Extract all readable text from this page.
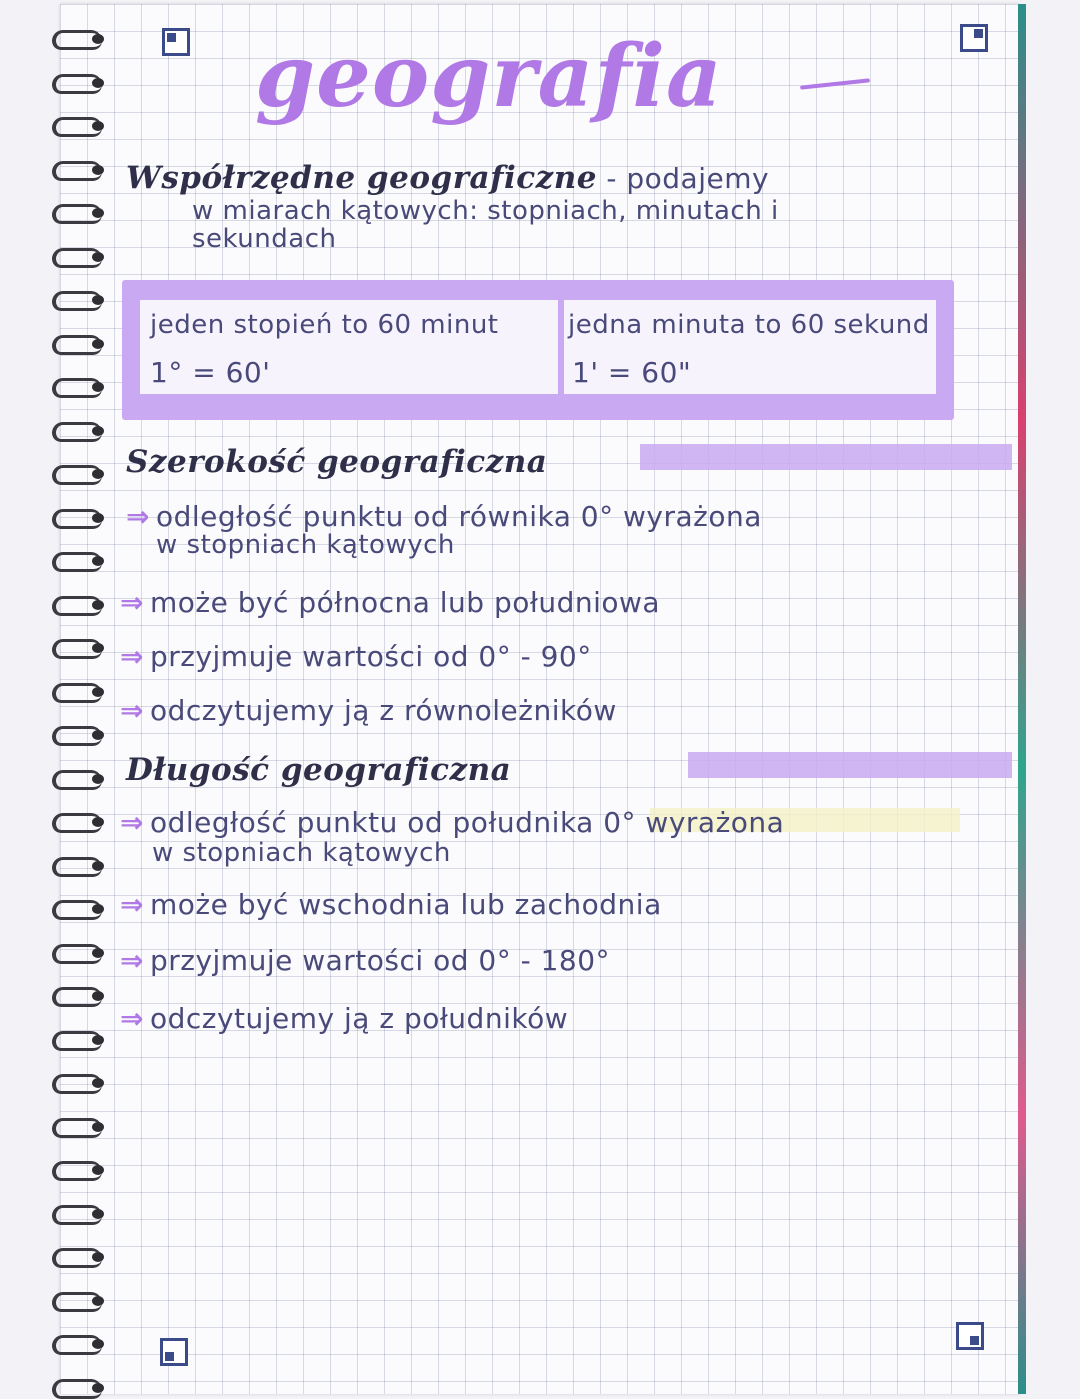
geografia
Współrzędne geograficzne - podajemy
w miarach kątowych: stopniach, minutach i
sekundach
jeden stopień to 60 minut
1° = 60'
jedna minuta to 60 sekund
1' = 60"
Szerokość geograficzna
⇒ odległość punktu od równika 0° wyrażona
w stopniach kątowych
⇒ może być północna lub południowa
⇒ przyjmuje wartości od 0° - 90°
⇒ odczytujemy ją z równoleżników
Długość geograficzna
⇒ odległość punktu od południka 0° wyrażona
w stopniach kątowych
⇒ może być wschodnia lub zachodnia
⇒ przyjmuje wartości od 0° - 180°
⇒ odczytujemy ją z południków
